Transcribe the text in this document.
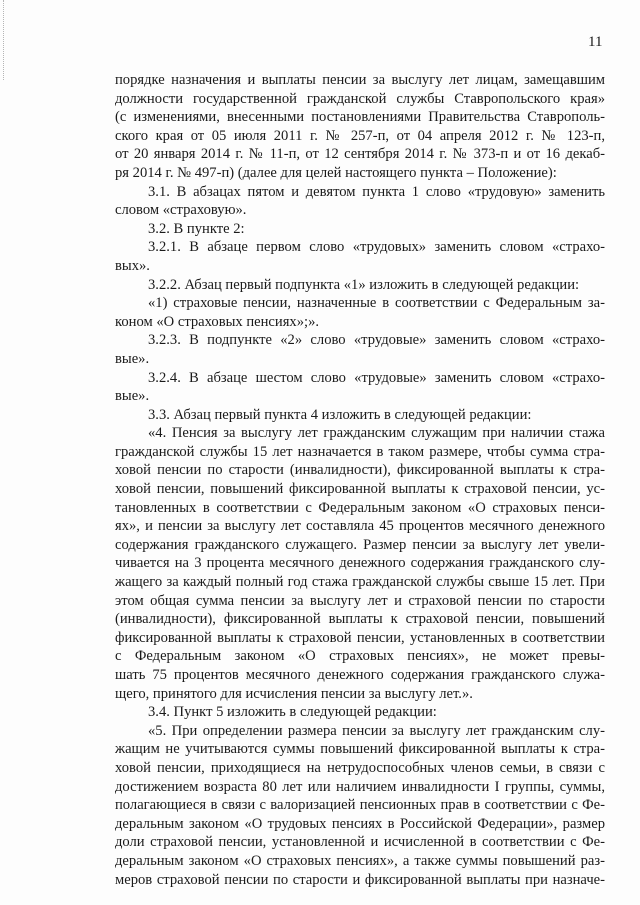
11

порядке назначения и выплаты пенсии за выслугу лет лицам, замещавшим

должности государственной гражданской службы Ставропольского края»

(с изменениями, внесенными постановлениями Правительства Ставрополь-

ского края от 05 июля 2011 г. № 257-п, от 04 апреля 2012 г. № 123-п,

от 20 января 2014 г. № 11-п, от 12 сентября 2014 г. № 373-п и от 16 декаб-

ря 2014 г. № 497-п) (далее для целей настоящего пункта – Положение):

3.1. В абзацах пятом и девятом пункта 1 слово «трудовую» заменить

словом «страховую».

3.2. В пункте 2:

3.2.1. В абзаце первом слово «трудовых» заменить словом «страхо-

вых».

3.2.2. Абзац первый подпункта «1» изложить в следующей редакции:

«1) страховые пенсии, назначенные в соответствии с Федеральным за-

коном «О страховых пенсиях»;».

3.2.3. В подпункте «2» слово «трудовые» заменить словом «страхо-

вые».

3.2.4. В абзаце шестом слово «трудовые» заменить словом «страхо-

вые».

3.3. Абзац первый пункта 4 изложить в следующей редакции:

«4. Пенсия за выслугу лет гражданским служащим при наличии стажа

гражданской службы 15 лет назначается в таком размере, чтобы сумма стра-

ховой пенсии по старости (инвалидности), фиксированной выплаты к стра-

ховой пенсии, повышений фиксированной выплаты к страховой пенсии, ус-

тановленных в соответствии с Федеральным законом «О страховых пенси-

ях», и пенсии за выслугу лет составляла 45 процентов месячного денежного

содержания гражданского служащего. Размер пенсии за выслугу лет увели-

чивается на 3 процента месячного денежного содержания гражданского слу-

жащего за каждый полный год стажа гражданской службы свыше 15 лет. При

этом общая сумма пенсии за выслугу лет и страховой пенсии по старости

(инвалидности), фиксированной выплаты к страховой пенсии, повышений

фиксированной выплаты к страховой пенсии, установленных в соответствии

с Федеральным законом «О страховых пенсиях», не может превы-

шать 75 процентов месячного денежного содержания гражданского служа-

щего, принятого для исчисления пенсии за выслугу лет.».

3.4. Пункт 5 изложить в следующей редакции:

«5. При определении размера пенсии за выслугу лет гражданским слу-

жащим не учитываются суммы повышений фиксированной выплаты к стра-

ховой пенсии, приходящиеся на нетрудоспособных членов семьи, в связи с

достижением возраста 80 лет или наличием инвалидности I группы, суммы,

полагающиеся в связи с валоризацией пенсионных прав в соответствии с Фе-

деральным законом «О трудовых пенсиях в Российской Федерации», размер

доли страховой пенсии, установленной и исчисленной в соответствии с Фе-

деральным законом «О страховых пенсиях», а также суммы повышений раз-

меров страховой пенсии по старости и фиксированной выплаты при назначе-
